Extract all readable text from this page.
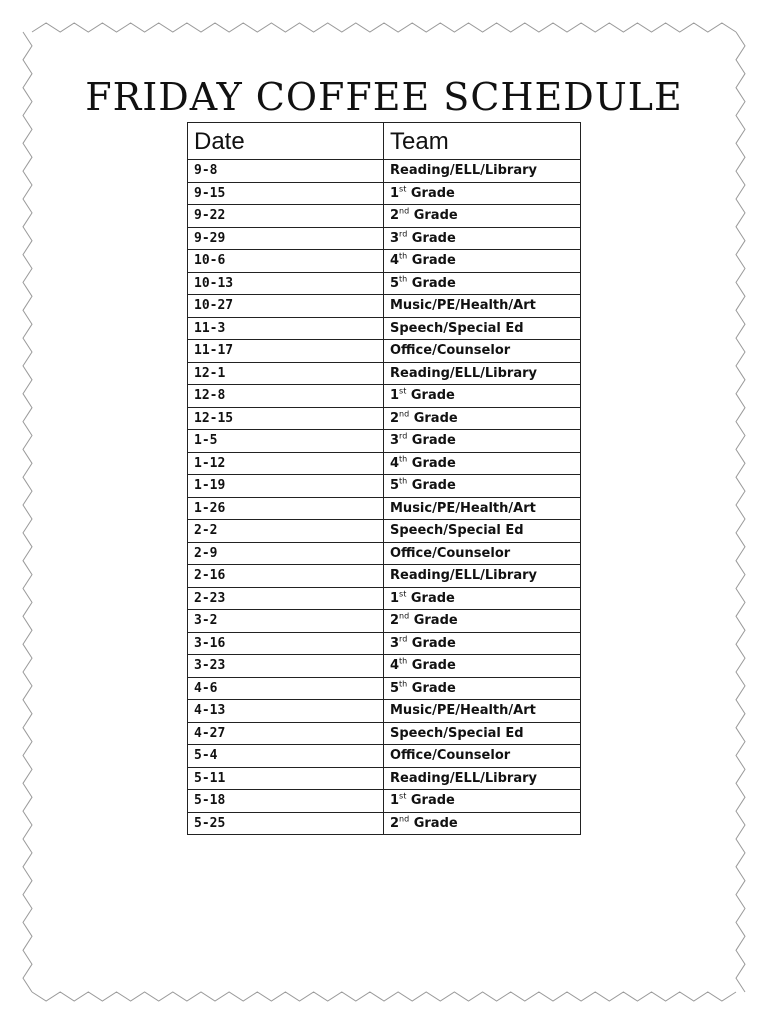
FRIDAY COFFEE SCHEDULE
Date	Team
9-8	Reading/ELL/Library
9-15	1st Grade
9-22	2nd Grade
9-29	3rd Grade
10-6	4th Grade
10-13	5th Grade
10-27	Music/PE/Health/Art
11-3	Speech/Special Ed
11-17	Office/Counselor
12-1	Reading/ELL/Library
12-8	1st Grade
12-15	2nd Grade
1-5	3rd Grade
1-12	4th Grade
1-19	5th Grade
1-26	Music/PE/Health/Art
2-2	Speech/Special Ed
2-9	Office/Counselor
2-16	Reading/ELL/Library
2-23	1st Grade
3-2	2nd Grade
3-16	3rd Grade
3-23	4th Grade
4-6	5th Grade
4-13	Music/PE/Health/Art
4-27	Speech/Special Ed
5-4	Office/Counselor
5-11	Reading/ELL/Library
5-18	1st Grade
5-25	2nd Grade
